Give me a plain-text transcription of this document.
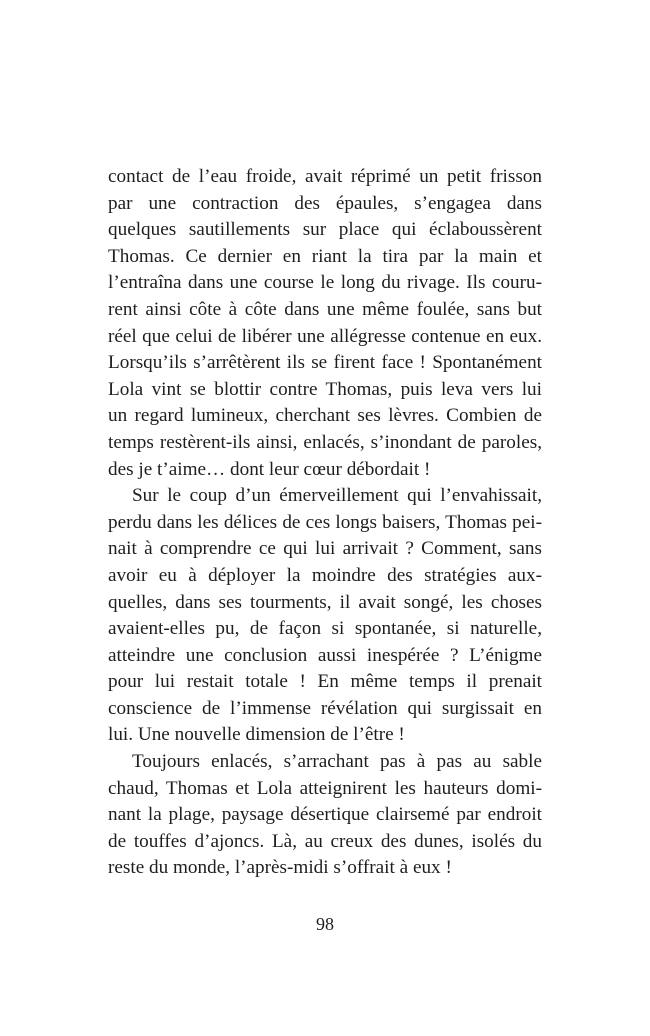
contact de l’eau froide, avait réprimé un petit frisson
par une contraction des épaules, s’engagea dans
quelques sautillements sur place qui éclaboussèrent
Thomas. Ce dernier en riant la tira par la main et
l’entraîna dans une course le long du rivage. Ils couru-
rent ainsi côte à côte dans une même foulée, sans but
réel que celui de libérer une allégresse contenue en eux.
Lorsqu’ils s’arrêtèrent ils se firent face ! Spontanément
Lola vint se blottir contre Thomas, puis leva vers lui
un regard lumineux, cherchant ses lèvres. Combien de
temps restèrent-ils ainsi, enlacés, s’inondant de paroles,
des je t’aime… dont leur cœur débordait !
Sur le coup d’un émerveillement qui l’envahissait,
perdu dans les délices de ces longs baisers, Thomas pei-
nait à comprendre ce qui lui arrivait ? Comment, sans
avoir eu à déployer la moindre des stratégies aux-
quelles, dans ses tourments, il avait songé, les choses
avaient-elles pu, de façon si spontanée, si naturelle,
atteindre une conclusion aussi inespérée ? L’énigme
pour lui restait totale ! En même temps il prenait
conscience de l’immense révélation qui surgissait en
lui. Une nouvelle dimension de l’être !
Toujours enlacés, s’arrachant pas à pas au sable
chaud, Thomas et Lola atteignirent les hauteurs domi-
nant la plage, paysage désertique clairsemé par endroit
de touffes d’ajoncs. Là, au creux des dunes, isolés du
reste du monde, l’après-midi s’offrait à eux !
98
